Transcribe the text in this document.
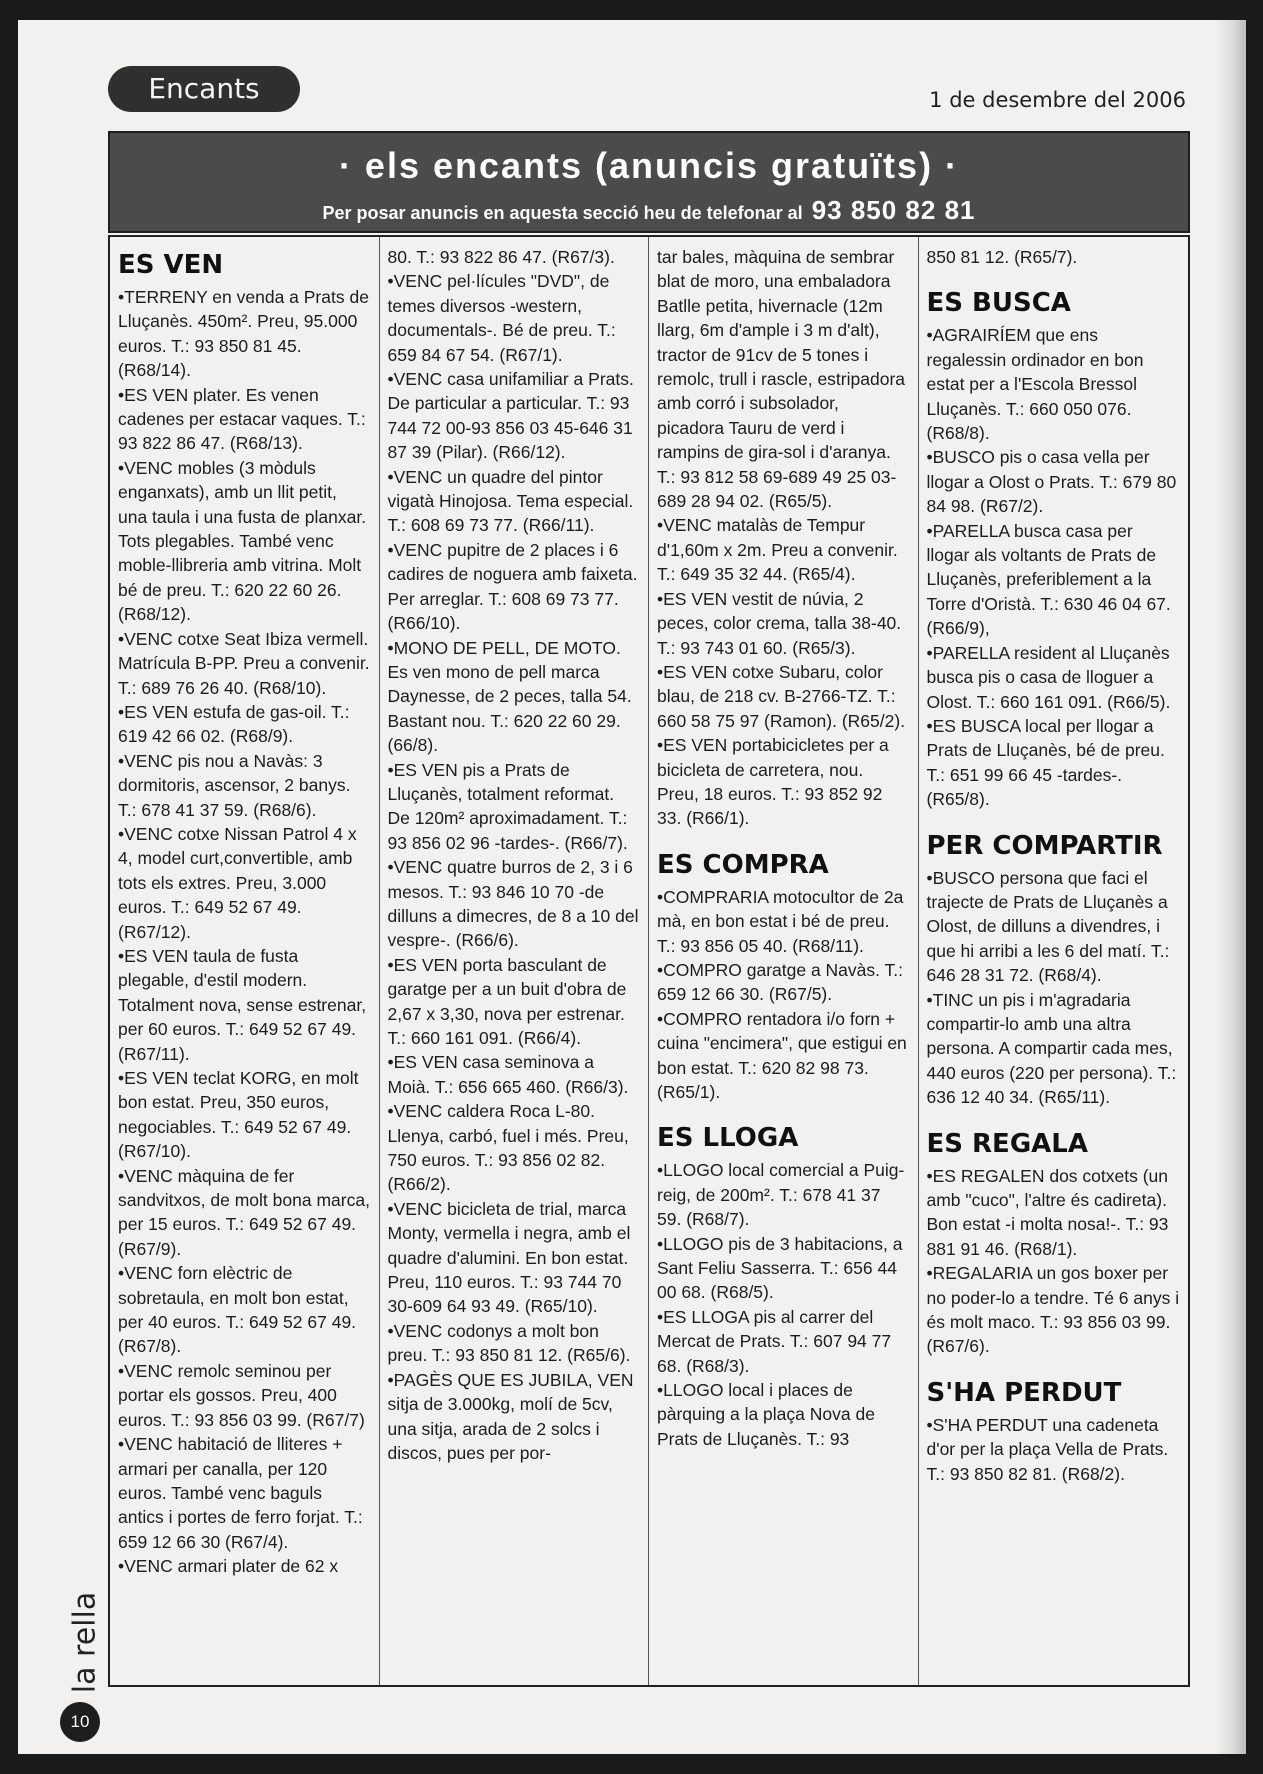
Encants	1 de desembre del 2006
· els encants (anuncis gratuïts) ·
Per posar anuncis en aquesta secció heu de telefonar al 93 850 82 81
ES VEN
•TERRENY en venda a Prats de Lluçanès. 450m². Preu, 95.000 euros. T.: 93 850 81 45. (R68/14).
•ES VEN plater. Es venen cadenes per estacar vaques. T.: 93 822 86 47. (R68/13).
•VENC mobles (3 mòduls enganxats), amb un llit petit, una taula i una fusta de planxar. Tots plegables. També venc moble-llibreria amb vitrina. Molt bé de preu. T.: 620 22 60 26. (R68/12).
•VENC cotxe Seat Ibiza vermell. Matrícula B-PP. Preu a convenir. T.: 689 76 26 40. (R68/10).
•ES VEN estufa de gas-oil. T.: 619 42 66 02. (R68/9).
•VENC pis nou a Navàs: 3 dormitoris, ascensor, 2 banys. T.: 678 41 37 59. (R68/6).
•VENC cotxe Nissan Patrol 4 x 4, model curt,convertible, amb tots els extres. Preu, 3.000 euros. T.: 649 52 67 49. (R67/12).
•ES VEN taula de fusta plegable, d'estil modern. Totalment nova, sense estrenar, per 60 euros. T.: 649 52 67 49. (R67/11).
•ES VEN teclat KORG, en molt bon estat. Preu, 350 euros, negociables. T.: 649 52 67 49. (R67/10).
•VENC màquina de fer sandvitxos, de molt bona marca, per 15 euros. T.: 649 52 67 49. (R67/9).
•VENC forn elèctric de sobretaula, en molt bon estat, per 40 euros. T.: 649 52 67 49. (R67/8).
•VENC remolc seminou per portar els gossos. Preu, 400 euros. T.: 93 856 03 99. (R67/7)
•VENC habitació de lliteres + armari per canalla, per 120 euros. També venc baguls antics i portes de ferro forjat. T.: 659 12 66 30 (R67/4).
•VENC armari plater de 62 x
80. T.: 93 822 86 47. (R67/3).
•VENC pel·lícules "DVD", de temes diversos -western, documentals-. Bé de preu. T.: 659 84 67 54. (R67/1).
•VENC casa unifamiliar a Prats. De particular a particular. T.: 93 744 72 00-93 856 03 45-646 31 87 39 (Pilar). (R66/12).
•VENC un quadre del pintor vigatà Hinojosa. Tema especial. T.: 608 69 73 77. (R66/11).
•VENC pupitre de 2 places i 6 cadires de noguera amb faixeta. Per arreglar. T.: 608 69 73 77. (R66/10).
•MONO DE PELL, DE MOTO. Es ven mono de pell marca Daynesse, de 2 peces, talla 54. Bastant nou. T.: 620 22 60 29. (66/8).
•ES VEN pis a Prats de Lluçanès, totalment reformat. De 120m² aproximadament. T.: 93 856 02 96 -tardes-. (R66/7).
•VENC quatre burros de 2, 3 i 6 mesos. T.: 93 846 10 70 -de dilluns a dimecres, de 8 a 10 del vespre-. (R66/6).
•ES VEN porta basculant de garatge per a un buit d'obra de 2,67 x 3,30, nova per estrenar. T.: 660 161 091. (R66/4).
•ES VEN casa seminova a Moià. T.: 656 665 460. (R66/3).
•VENC caldera Roca L-80. Llenya, carbó, fuel i més. Preu, 750 euros. T.: 93 856 02 82. (R66/2).
•VENC bicicleta de trial, marca Monty, vermella i negra, amb el quadre d'alumini. En bon estat. Preu, 110 euros. T.: 93 744 70 30-609 64 93 49. (R65/10).
•VENC codonys a molt bon preu. T.: 93 850 81 12. (R65/6).
•PAGÈS QUE ES JUBILA, VEN sitja de 3.000kg, molí de 5cv, una sitja, arada de 2 solcs i discos, pues per por-
tar bales, màquina de sembrar blat de moro, una embaladora Batlle petita, hivernacle (12m llarg, 6m d'ample i 3 m d'alt), tractor de 91cv de 5 tones i remolc, trull i rascle, estripadora amb corró i subsolador, picadora Tauru de verd i rampins de gira-sol i d'aranya. T.: 93 812 58 69-689 49 25 03-689 28 94 02. (R65/5).
•VENC matalàs de Tempur d'1,60m x 2m. Preu a convenir. T.: 649 35 32 44. (R65/4).
•ES VEN vestit de núvia, 2 peces, color crema, talla 38-40. T.: 93 743 01 60. (R65/3).
•ES VEN cotxe Subaru, color blau, de 218 cv. B-2766-TZ. T.: 660 58 75 97 (Ramon). (R65/2).
•ES VEN portabicicletes per a bicicleta de carretera, nou. Preu, 18 euros. T.: 93 852 92 33. (R66/1).
ES COMPRA
•COMPRARIA motocultor de 2a mà, en bon estat i bé de preu. T.: 93 856 05 40. (R68/11).
•COMPRO garatge a Navàs. T.: 659 12 66 30. (R67/5).
•COMPRO rentadora i/o forn + cuina "encimera", que estigui en bon estat. T.: 620 82 98 73. (R65/1).
ES LLOGA
•LLOGO local comercial a Puig-reig, de 200m². T.: 678 41 37 59. (R68/7).
•LLOGO pis de 3 habitacions, a Sant Feliu Sasserra. T.: 656 44 00 68. (R68/5).
•ES LLOGA pis al carrer del Mercat de Prats. T.: 607 94 77 68. (R68/3).
•LLOGO local i places de pàrquing a la plaça Nova de Prats de Lluçanès. T.: 93
850 81 12. (R65/7).
ES BUSCA
•AGRAIRÍEM que ens regalessin ordinador en bon estat per a l'Escola Bressol Lluçanès. T.: 660 050 076. (R68/8).
•BUSCO pis o casa vella per llogar a Olost o Prats. T.: 679 80 84 98. (R67/2).
•PARELLA busca casa per llogar als voltants de Prats de Lluçanès, preferiblement a la Torre d'Oristà. T.: 630 46 04 67. (R66/9),
•PARELLA resident al Lluçanès busca pis o casa de lloguer a Olost. T.: 660 161 091. (R66/5).
•ES BUSCA local per llogar a Prats de Lluçanès, bé de preu. T.: 651 99 66 45 -tardes-. (R65/8).
PER COMPARTIR
•BUSCO persona que faci el trajecte de Prats de Lluçanès a Olost, de dilluns a divendres, i que hi arribi a les 6 del matí. T.: 646 28 31 72. (R68/4).
•TINC un pis i m'agradaria compartir-lo amb una altra persona. A compartir cada mes, 440 euros (220 per persona). T.: 636 12 40 34. (R65/11).
ES REGALA
•ES REGALEN dos cotxets (un amb "cuco", l'altre és cadireta). Bon estat -i molta nosa!-. T.: 93 881 91 46. (R68/1).
•REGALARIA un gos boxer per no poder-lo a tendre. Té 6 anys i és molt maco. T.: 93 856 03 99. (R67/6).
S'HA PERDUT
•S'HA PERDUT una cadeneta d'or per la plaça Vella de Prats. T.: 93 850 82 81. (R68/2).
la rella
10
